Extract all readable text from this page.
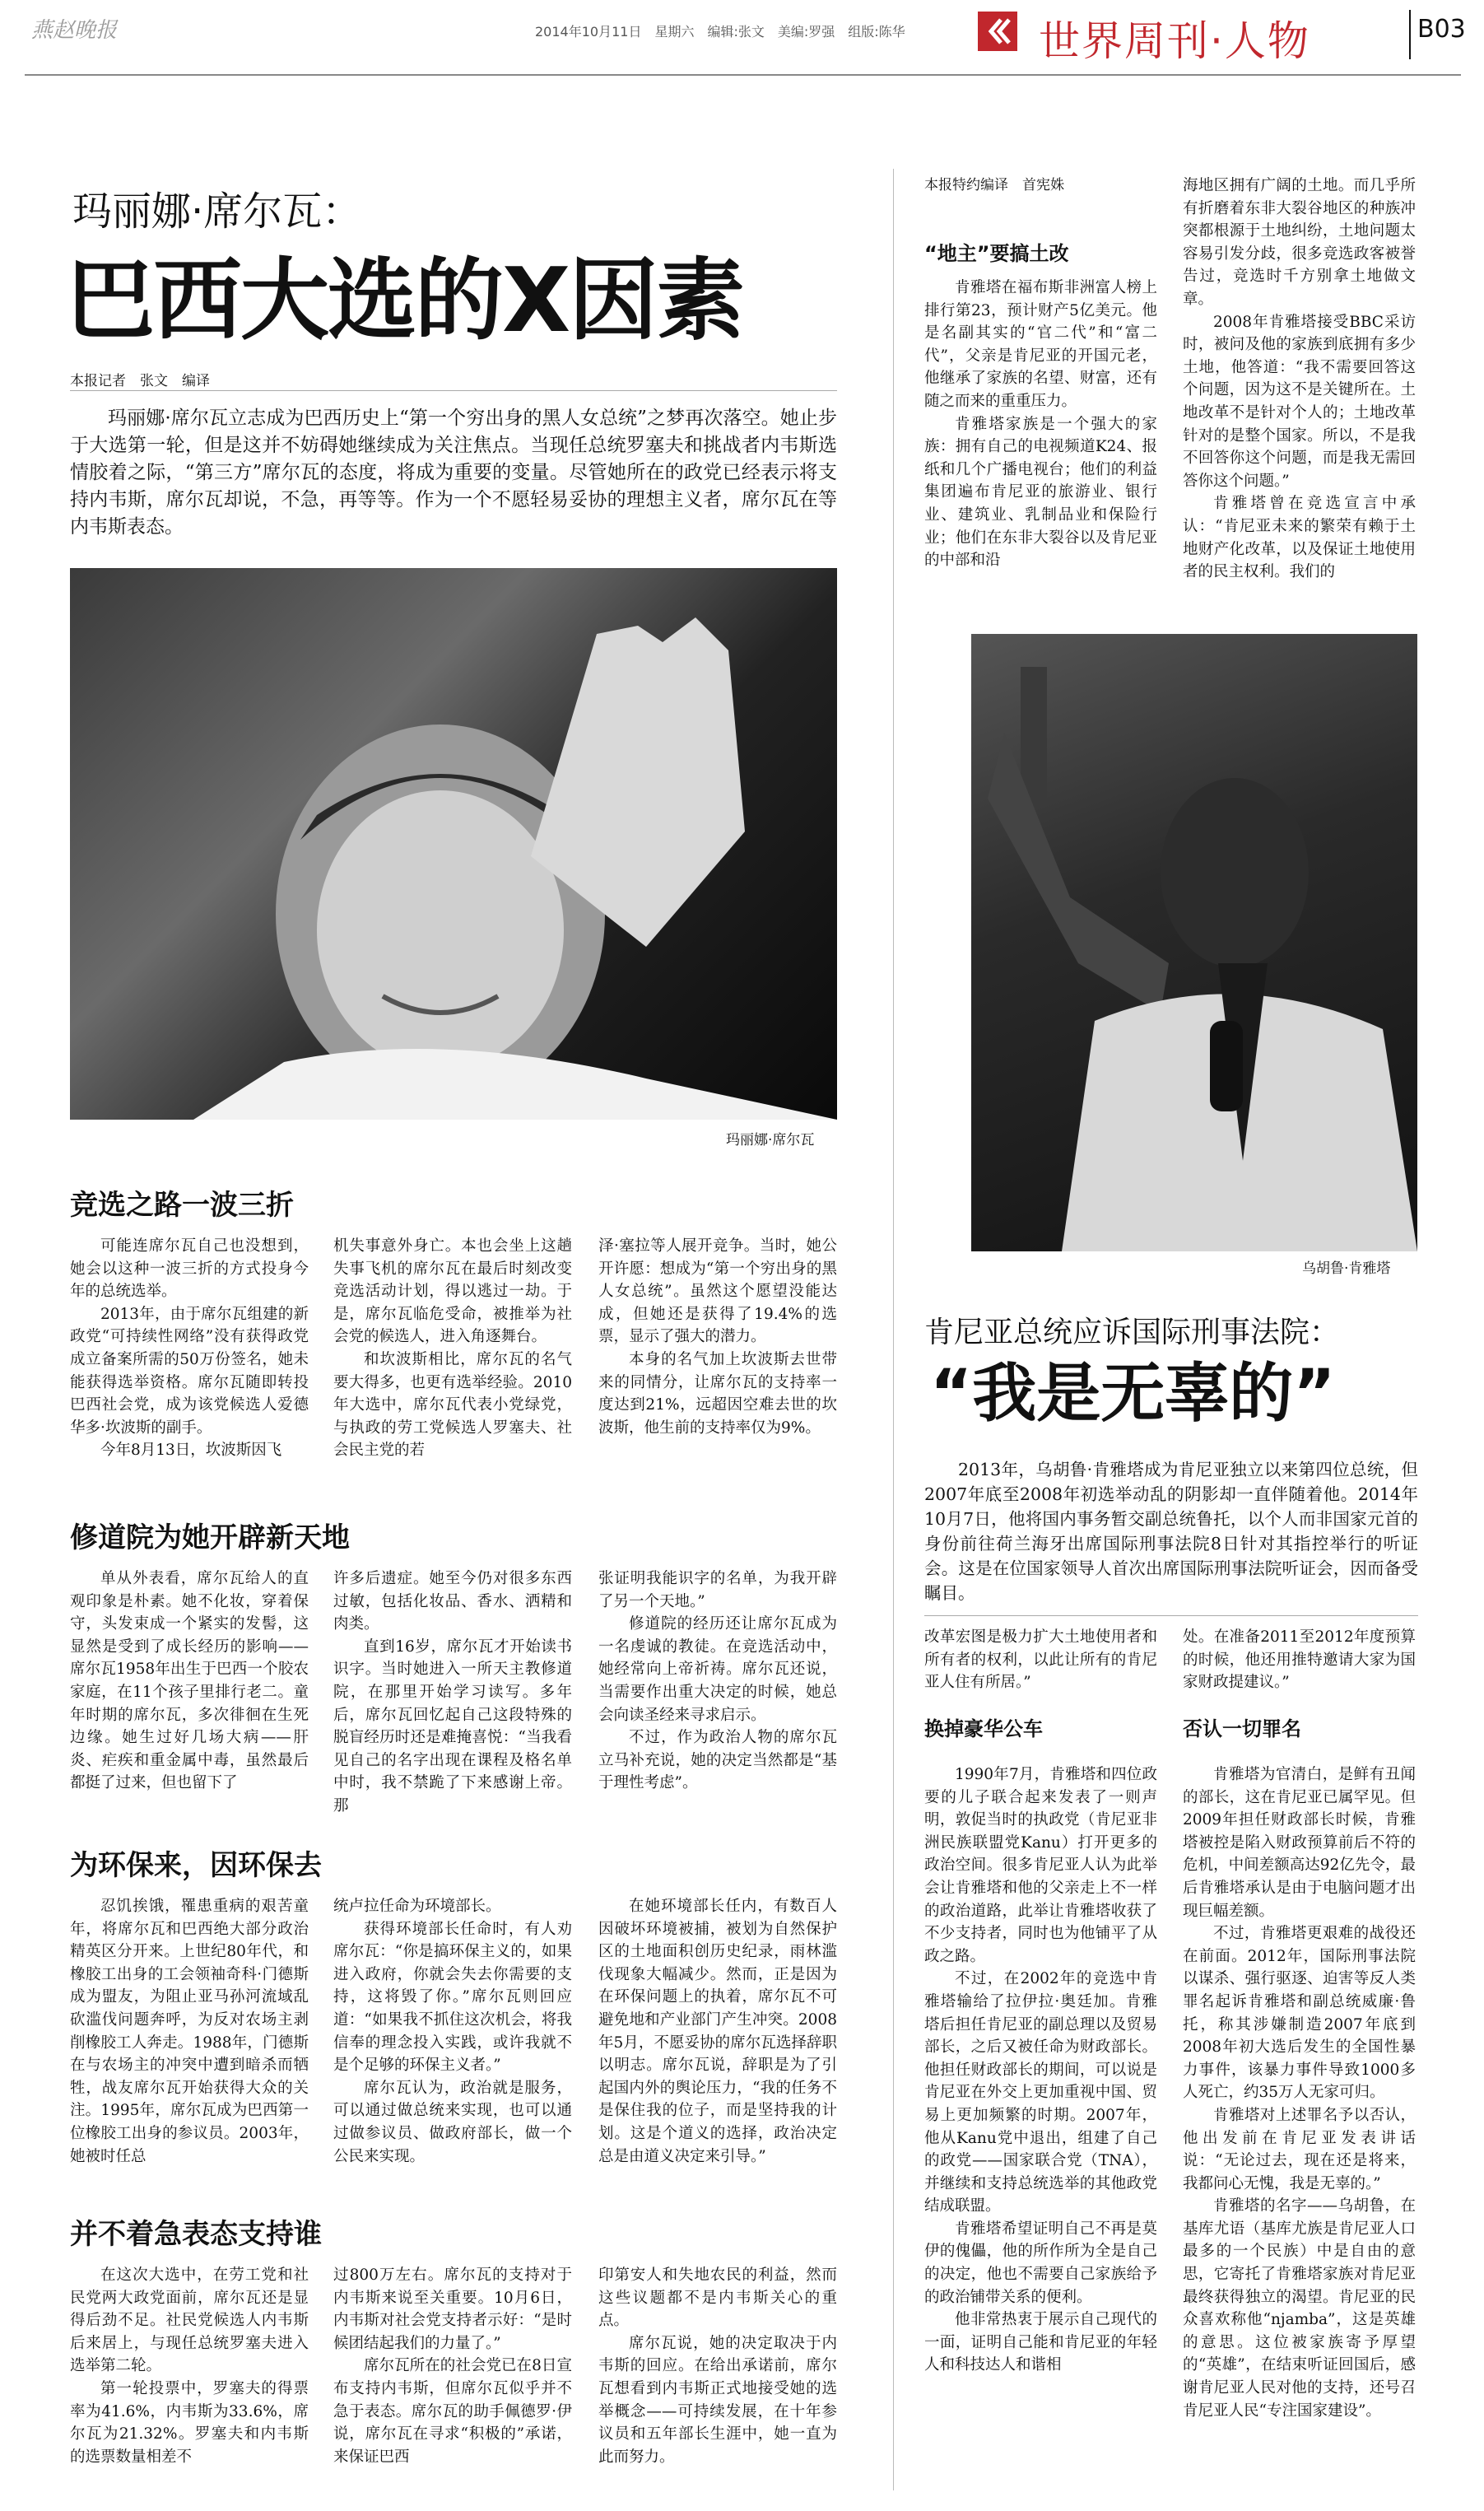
燕赵晚报	2014年10月11日　星期六　编辑:张文　美编:罗强　组版:陈华	世界周刊·人物	B03
玛丽娜·席尔瓦：
巴西大选的X因素
本报记者　张文　编译

玛丽娜·席尔瓦立志成为巴西历史上“第一个穷出身的黑人女总统”之梦再次落空。她止步于大选第一轮，但是这并不妨碍她继续成为关注焦点。当现任总统罗塞夫和挑战者内韦斯选情胶着之际，“第三方”席尔瓦的态度，将成为重要的变量。尽管她所在的政党已经表示将支持内韦斯，席尔瓦却说，不急，再等等。作为一个不愿轻易妥协的理想主义者，席尔瓦在等内韦斯表态。

玛丽娜·席尔瓦
竞选之路一波三折

可能连席尔瓦自己也没想到，她会以这种一波三折的方式投身今年的总统选举。

2013年，由于席尔瓦组建的新政党“可持续性网络”没有获得政党成立备案所需的50万份签名，她未能获得选举资格。席尔瓦随即转投巴西社会党，成为该党候选人爱德华多·坎波斯的副手。

今年8月13日，坎波斯因飞

机失事意外身亡。本也会坐上这趟失事飞机的席尔瓦在最后时刻改变竞选活动计划，得以逃过一劫。于是，席尔瓦临危受命，被推举为社会党的候选人，进入角逐舞台。

和坎波斯相比，席尔瓦的名气要大得多，也更有选举经验。2010年大选中，席尔瓦代表小党绿党，与执政的劳工党候选人罗塞夫、社会民主党的若

泽·塞拉等人展开竞争。当时，她公开许愿：想成为“第一个穷出身的黑人女总统”。虽然这个愿望没能达成，但她还是获得了19.4%的选票，显示了强大的潜力。

本身的名气加上坎波斯去世带来的同情分，让席尔瓦的支持率一度达到21%，远超因空难去世的坎波斯，他生前的支持率仅为9%。

修道院为她开辟新天地

单从外表看，席尔瓦给人的直观印象是朴素。她不化妆，穿着保守，头发束成一个紧实的发髻，这显然是受到了成长经历的影响——席尔瓦1958年出生于巴西一个胶农家庭，在11个孩子里排行老二。童年时期的席尔瓦，多次徘徊在生死边缘。她生过好几场大病——肝炎、疟疾和重金属中毒，虽然最后都挺了过来，但也留下了

许多后遗症。她至今仍对很多东西过敏，包括化妆品、香水、洒精和肉类。

直到16岁，席尔瓦才开始读书识字。当时她进入一所天主教修道院，在那里开始学习读写。多年后，席尔瓦回忆起自己这段特殊的脱盲经历时还是难掩喜悦：“当我看见自己的名字出现在课程及格名单中时，我不禁跪了下来感谢上帝。那

张证明我能识字的名单，为我开辟了另一个天地。”

修道院的经历还让席尔瓦成为一名虔诚的教徒。在竞选活动中，她经常向上帝祈祷。席尔瓦还说，当需要作出重大决定的时候，她总会向读圣经来寻求启示。

不过，作为政治人物的席尔瓦立马补充说，她的决定当然都是“基于理性考虑”。

为环保来，因环保去

忍饥挨饿，罹患重病的艰苦童年，将席尔瓦和巴西绝大部分政治精英区分开来。上世纪80年代，和橡胶工出身的工会领袖奇科·门德斯成为盟友，为阻止亚马孙河流域乱砍滥伐问题奔呼，为反对农场主剥削橡胶工人奔走。1988年，门德斯在与农场主的冲突中遭到暗杀而牺牲，战友席尔瓦开始获得大众的关注。1995年，席尔瓦成为巴西第一位橡胶工出身的参议员。2003年，她被时任总

统卢拉任命为环境部长。

获得环境部长任命时，有人劝席尔瓦：“你是搞环保主义的，如果进入政府，你就会失去你需要的支持，这将毁了你。”席尔瓦则回应道：“如果我不抓住这次机会，将我信奉的理念投入实践，或许我就不是个足够的环保主义者。”

席尔瓦认为，政治就是服务，可以通过做总统来实现，也可以通过做参议员、做政府部长，做一个公民来实现。

在她环境部长任内，有数百人因破坏环境被捕，被划为自然保护区的土地面积创历史纪录，雨林滥伐现象大幅减少。然而，正是因为在环保问题上的执着，席尔瓦不可避免地和产业部门产生冲突。2008年5月，不愿妥协的席尔瓦选择辞职以明志。席尔瓦说，辞职是为了引起国内外的舆论压力，“我的任务不是保住我的位子，而是坚持我的计划。这是个道义的选择，政治决定总是由道义决定来引导。”

并不着急表态支持谁

在这次大选中，在劳工党和社民党两大政党面前，席尔瓦还是显得后劲不足。社民党候选人内韦斯后来居上，与现任总统罗塞夫进入选举第二轮。

第一轮投票中，罗塞夫的得票率为41.6%，内韦斯为33.6%，席尔瓦为21.32%。罗塞夫和内韦斯的选票数量相差不

过800万左右。席尔瓦的支持对于内韦斯来说至关重要。10月6日，内韦斯对社会党支持者示好：“是时候团结起我们的力量了。”

席尔瓦所在的社会党已在8日宣布支持内韦斯，但席尔瓦似乎并不急于表态。席尔瓦的助手佩德罗·伊说，席尔瓦在寻求“积极的”承诺，来保证巴西

印第安人和失地农民的利益，然而这些议题都不是内韦斯关心的重点。

席尔瓦说，她的决定取决于内韦斯的回应。在给出承诺前，席尔瓦想看到内韦斯正式地接受她的选举概念——可持续发展，在十年参议员和五年部长生涯中，她一直为此而努力。

本报特约编译　首宪姝
“地主”要搞土改

肯雅塔在福布斯非洲富人榜上排行第23，预计财产5亿美元。他是名副其实的“官二代”和“富二代”，父亲是肯尼亚的开国元老，他继承了家族的名望、财富，还有随之而来的重重压力。

肯雅塔家族是一个强大的家族：拥有自己的电视频道K24、报纸和几个广播电视台；他们的利益集团遍布肯尼亚的旅游业、银行业、建筑业、乳制品业和保险行业；他们在东非大裂谷以及肯尼亚的中部和沿

海地区拥有广阔的土地。而几乎所有折磨着东非大裂谷地区的种族冲突都根源于土地纠纷，土地问题太容易引发分歧，很多竞选政客被誉告过，竞选时千方别拿土地做文章。

2008年肯雅塔接受BBC采访时，被问及他的家族到底拥有多少土地，他答道：“我不需要回答这个问题，因为这不是关键所在。土地改革不是针对个人的；土地改革针对的是整个国家。所以，不是我不回答你这个问题，而是我无需回答你这个问题。”

肯雅塔曾在竞选宣言中承认：“肯尼亚未来的繁荣有赖于土地财产化改革，以及保证土地使用者的民主权利。我们的

乌胡鲁·肯雅塔
肯尼亚总统应诉国际刑事法院：
“我是无辜的”

2013年，乌胡鲁·肯雅塔成为肯尼亚独立以来第四位总统，但2007年底至2008年初选举动乱的阴影却一直伴随着他。2014年10月7日，他将国内事务暂交副总统鲁托，以个人而非国家元首的身份前往荷兰海牙出席国际刑事法院8日针对其指控举行的听证会。这是在位国家领导人首次出席国际刑事法院听证会，因而备受瞩目。

改革宏图是极力扩大土地使用者和所有者的权利，以此让所有的肯尼亚人住有所居。”

处。在准备2011至2012年度预算的时候，他还用推特邀请大家为国家财政提建议。”

换掉豪华公车

1990年7月，肯雅塔和四位政要的儿子联合起来发表了一则声明，敦促当时的执政党（肯尼亚非洲民族联盟党Kanu）打开更多的政治空间。很多肯尼亚人认为此举会让肯雅塔和他的父亲走上不一样的政治道路，此举让肯雅塔收获了不少支持者，同时也为他铺平了从政之路。

不过，在2002年的竞选中肯雅塔输给了拉伊拉·奥廷加。肯雅塔后担任肯尼亚的副总理以及贸易部长，之后又被任命为财政部长。他担任财政部长的期间，可以说是肯尼亚在外交上更加重视中国、贸易上更加频繁的时期。2007年，他从Kanu党中退出，组建了自己的政党——国家联合党（TNA），并继续和支持总统选举的其他政党结成联盟。

肯雅塔希望证明自己不再是莫伊的傀儡，他的所作所为全是自己的决定，他也不需要自己家族给予的政治铺带关系的便利。

他非常热衷于展示自己现代的一面，证明自己能和肯尼亚的年轻人和科技达人和谐相

否认一切罪名

肯雅塔为官清白，是鲜有丑闻的部长，这在肯尼亚已属罕见。但2009年担任财政部长时候，肯雅塔被控是陷入财政预算前后不符的危机，中间差额高达92亿先令，最后肯雅塔承认是由于电脑问题才出现巨幅差额。

不过，肯雅塔更艰难的战役还在前面。2012年，国际刑事法院以谋杀、强行驱逐、迫害等反人类罪名起诉肯雅塔和副总统威廉·鲁托，称其涉嫌制造2007年底到2008年初大选后发生的全国性暴力事件，该暴力事件导致1000多人死亡，约35万人无家可归。

肯雅塔对上述罪名予以否认，他出发前在肯尼亚发表讲话说：“无论过去，现在还是将来，我都问心无愧，我是无辜的。”

肯雅塔的名字——乌胡鲁，在基库尤语（基库尤族是肯尼亚人口最多的一个民族）中是自由的意思，它寄托了肯雅塔家族对肯尼亚最终获得独立的渴望。肯尼亚的民众喜欢称他“njamba”，这是英雄的意思。这位被家族寄予厚望的“英雄”，在结束听证回国后，感谢肯尼亚人民对他的支持，还号召肯尼亚人民“专注国家建设”。
